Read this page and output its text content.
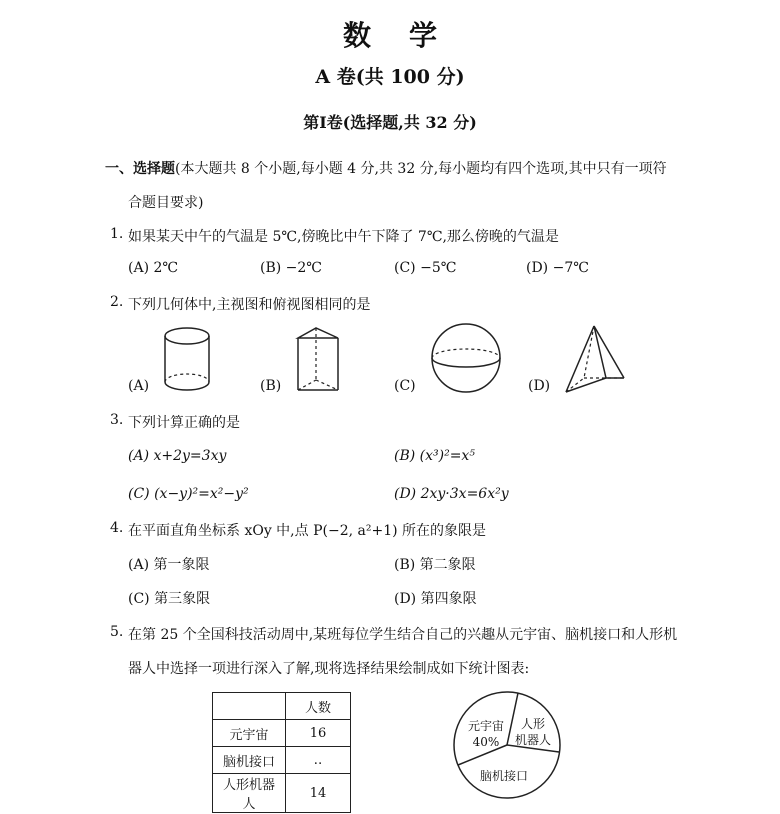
数学
A 卷(共 100 分)
第Ⅰ卷(选择题,共 32 分)
一、选择题(本大题共 8 个小题,每小题 4 分,共 32 分,每小题均有四个选项,其中只有一项符
合题目要求)
1. 如果某天中午的气温是 5℃,傍晚比中午下降了 7℃,那么傍晚的气温是
(A) 2℃	(B) −2℃	(C) −5℃	(D) −7℃
2. 下列几何体中,主视图和俯视图相同的是
(A)	(B)	(C)	(D)
3. 下列计算正确的是
(A) x+2y=3xy	(B) (x³)²=x⁵
(C) (x−y)²=x²−y²	(D) 2xy·3x=6x²y
4. 在平面直角坐标系 xOy 中,点 P(−2, a²+1) 所在的象限是
(A) 第一象限	(B) 第二象限
(C) 第三象限	(D) 第四象限
5. 在第 25 个全国科技活动周中,某班每位学生结合自己的兴趣从元宇宙、脑机接口和人形机
器人中选择一项进行深入了解,现将选择结果绘制成如下统计图表:
	人数
元宇宙	16
脑机接口	‥
人形机器人	14
元宇宙
40%
人形
机器人
脑机接口
